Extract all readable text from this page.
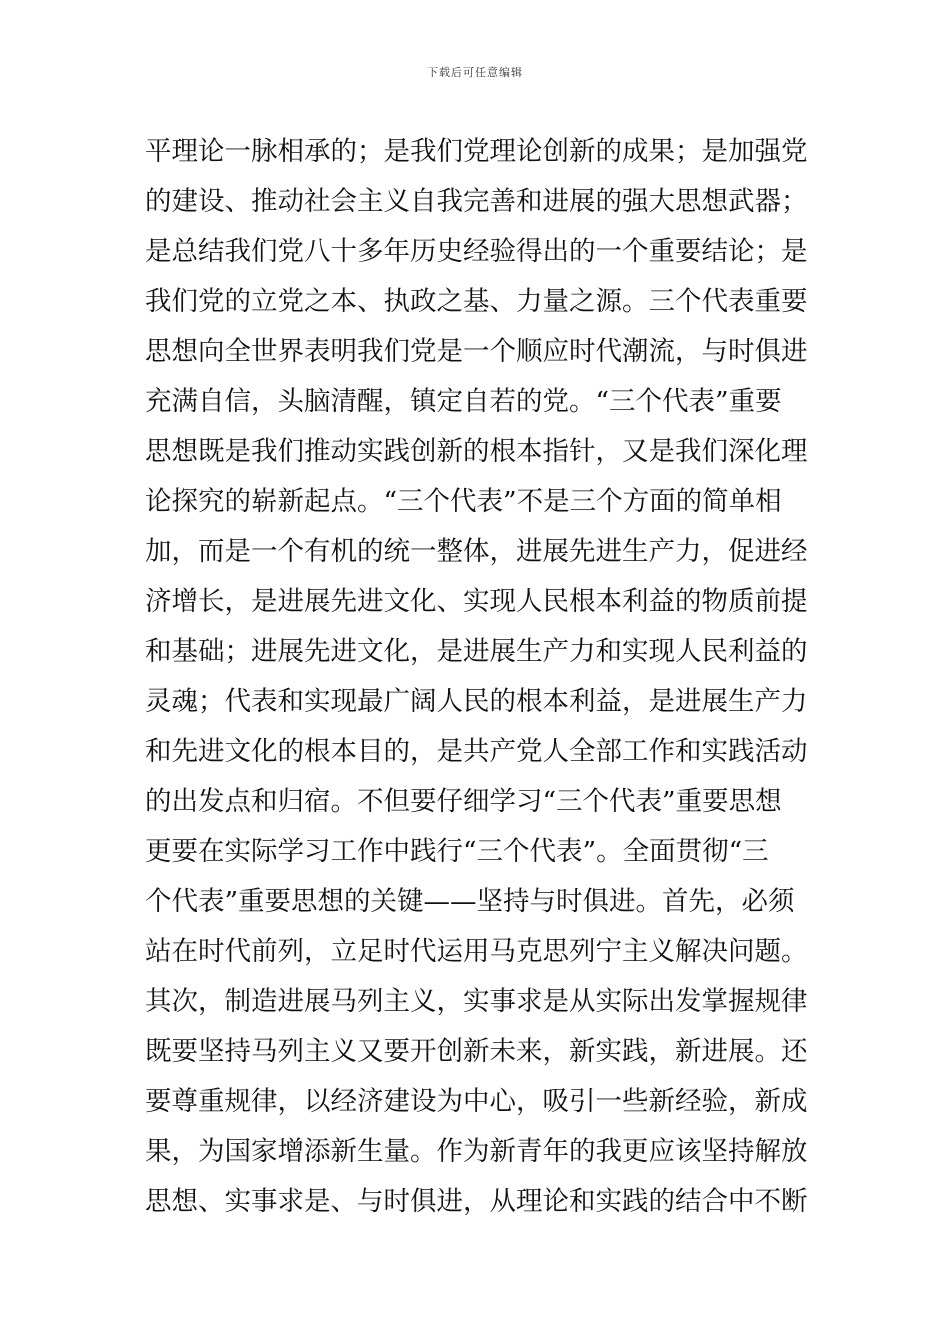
下载后可任意编辑
平理论一脉相承的；是我们党理论创新的成果；是加强党
的建设、推动社会主义自我完善和进展的强大思想武器；
是总结我们党八十多年历史经验得出的一个重要结论；是
我们党的立党之本、执政之基、力量之源。三个代表重要
思想向全世界表明我们党是一个顺应时代潮流，与时俱进
充满自信，头脑清醒，镇定自若的党。“三个代表”重要
思想既是我们推动实践创新的根本指针，又是我们深化理
论探究的崭新起点。“三个代表”不是三个方面的简单相
加，而是一个有机的统一整体，进展先进生产力，促进经
济增长，是进展先进文化、实现人民根本利益的物质前提
和基础；进展先进文化，是进展生产力和实现人民利益的
灵魂；代表和实现最广阔人民的根本利益，是进展生产力
和先进文化的根本目的，是共产党人全部工作和实践活动
的出发点和归宿。不但要仔细学习“三个代表”重要思想
更要在实际学习工作中践行“三个代表”。全面贯彻“三
个代表”重要思想的关键——坚持与时俱进。首先，必须
站在时代前列，立足时代运用马克思列宁主义解决问题。
其次，制造进展马列主义，实事求是从实际出发掌握规律
既要坚持马列主义又要开创新未来，新实践，新进展。还
要尊重规律，以经济建设为中心，吸引一些新经验，新成
果，为国家增添新生量。作为新青年的我更应该坚持解放
思想、实事求是、与时俱进，从理论和实践的结合中不断
